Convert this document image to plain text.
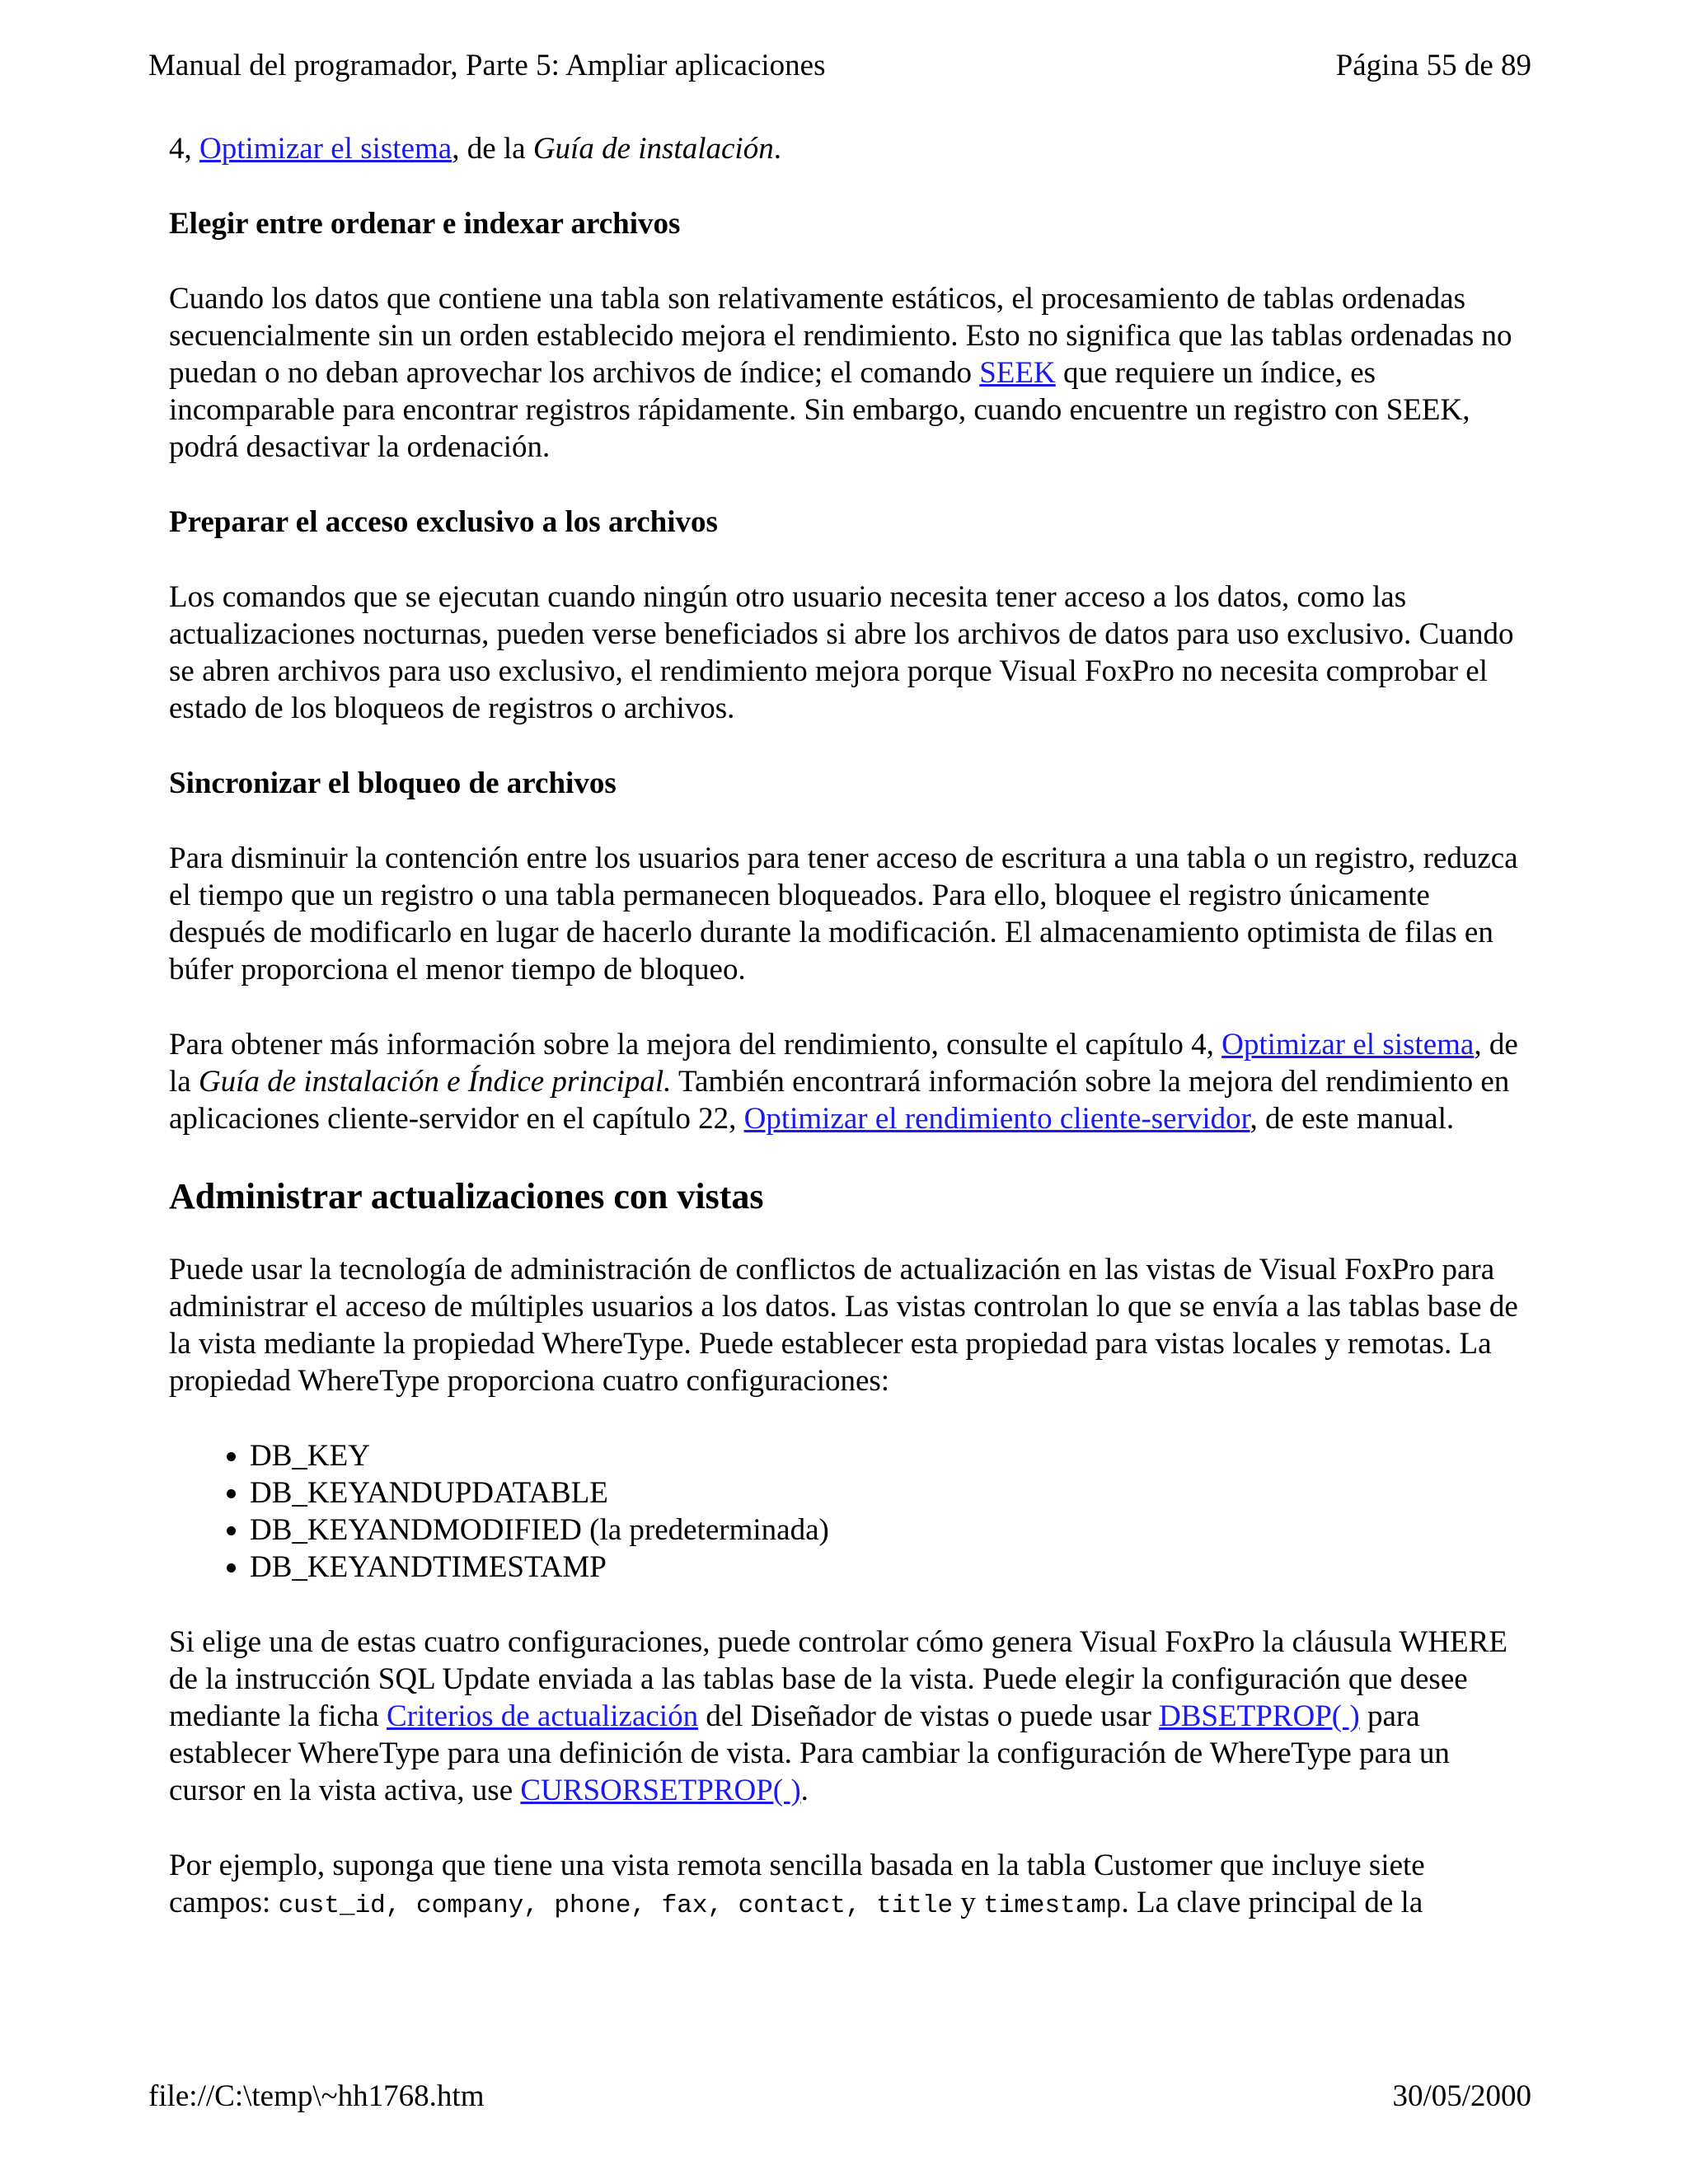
Manual del programador, Parte 5: Ampliar aplicaciones	Página 55 de 89

4, Optimizar el sistema, de la Guía de instalación.

Elegir entre ordenar e indexar archivos

Cuando los datos que contiene una tabla son relativamente estáticos, el procesamiento de tablas ordenadas secuencialmente sin un orden establecido mejora el rendimiento. Esto no significa que las tablas ordenadas no puedan o no deban aprovechar los archivos de índice; el comando SEEK que requiere un índice, es incomparable para encontrar registros rápidamente. Sin embargo, cuando encuentre un registro con SEEK, podrá desactivar la ordenación.

Preparar el acceso exclusivo a los archivos

Los comandos que se ejecutan cuando ningún otro usuario necesita tener acceso a los datos, como las actualizaciones nocturnas, pueden verse beneficiados si abre los archivos de datos para uso exclusivo. Cuando se abren archivos para uso exclusivo, el rendimiento mejora porque Visual FoxPro no necesita comprobar el estado de los bloqueos de registros o archivos.

Sincronizar el bloqueo de archivos

Para disminuir la contención entre los usuarios para tener acceso de escritura a una tabla o un registro, reduzca el tiempo que un registro o una tabla permanecen bloqueados. Para ello, bloquee el registro únicamente después de modificarlo en lugar de hacerlo durante la modificación. El almacenamiento optimista de filas en búfer proporciona el menor tiempo de bloqueo.

Para obtener más información sobre la mejora del rendimiento, consulte el capítulo 4, Optimizar el sistema, de la Guía de instalación e Índice principal. También encontrará información sobre la mejora del rendimiento en aplicaciones cliente-servidor en el capítulo 22, Optimizar el rendimiento cliente-servidor, de este manual.

Administrar actualizaciones con vistas

Puede usar la tecnología de administración de conflictos de actualización en las vistas de Visual FoxPro para administrar el acceso de múltiples usuarios a los datos. Las vistas controlan lo que se envía a las tablas base de la vista mediante la propiedad WhereType. Puede establecer esta propiedad para vistas locales y remotas. La propiedad WhereType proporciona cuatro configuraciones:

• DB_KEY
• DB_KEYANDUPDATABLE
• DB_KEYANDMODIFIED (la predeterminada)
• DB_KEYANDTIMESTAMP

Si elige una de estas cuatro configuraciones, puede controlar cómo genera Visual FoxPro la cláusula WHERE de la instrucción SQL Update enviada a las tablas base de la vista. Puede elegir la configuración que desee mediante la ficha Criterios de actualización del Diseñador de vistas o puede usar DBSETPROP( ) para establecer WhereType para una definición de vista. Para cambiar la configuración de WhereType para un cursor en la vista activa, use CURSORSETPROP( ).

Por ejemplo, suponga que tiene una vista remota sencilla basada en la tabla Customer que incluye siete campos: cust_id, company, phone, fax, contact, title y timestamp. La clave principal de la

file://C:\temp\~hh1768.htm	30/05/2000
